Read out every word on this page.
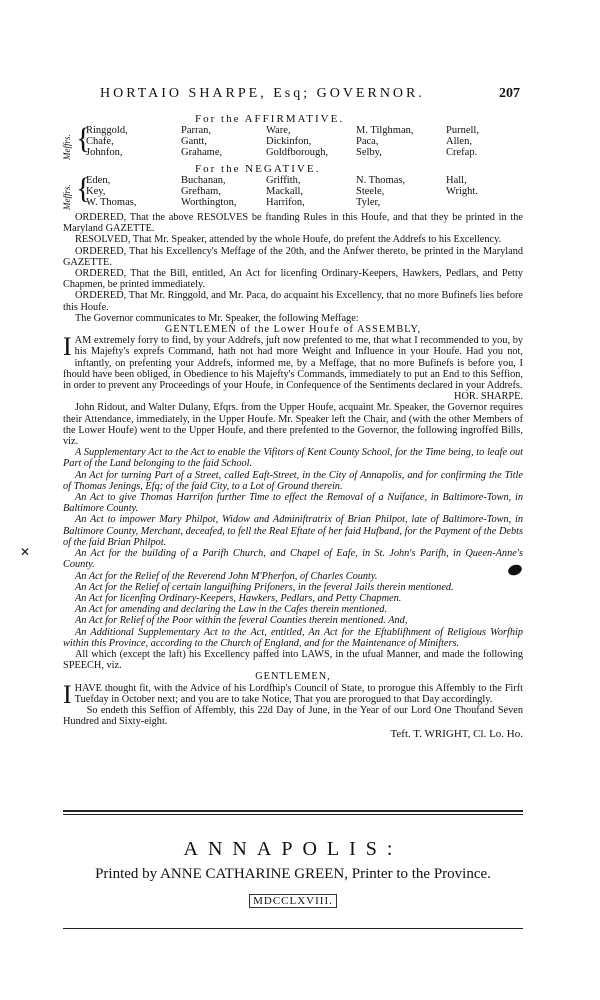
HORTAIO SHARPE, Esq; GOVERNOR.	207
For the AFFIRMATIVE.
Meffrs. {
Ringgold,	Parran,	Ware,	M. Tilghman,	Purnell,
Chafe,	Gantt,	Dickinfon,	Paca,	Allen,
Johnfon,	Grahame,	Goldfborough,	Selby,	Crefap.
For the NEGATIVE.
Meffrs. {
Eden,	Buchanan,	Griffith,	N. Thomas,	Hall,
Key,	Grefham,	Mackall,	Steele,	Wright.
W. Thomas,	Worthington,	Harrifon,	Tyler,

ORDERED, That the above RESOLVES be ftanding Rules in this Houfe, and that they be printed in the Maryland GAZETTE.

RESOLVED, That Mr. Speaker, attended by the whole Houfe, do prefent the Addrefs to his Excellency.

ORDERED, That his Excellency's Meffage of the 20th, and the Anfwer thereto, be printed in the Maryland GAZETTE.

ORDERED, That the Bill, entitled, An Act for licenfing Ordinary-Keepers, Hawkers, Pedlars, and Petty Chapmen, be printed immediately.

ORDERED, That Mr. Ringgold, and Mr. Paca, do acquaint his Excellency, that no more Bufinefs lies before this Houfe.

The Governor communicates to Mr. Speaker, the following Meffage:

GENTLEMEN of the Lower Houfe of ASSEMBLY,

IAM extremely forry to find, by your Addrefs, juft now prefented to me, that what I recommended to you, by his Majefty's exprefs Command, hath not had more Weight and Influence in your Houfe. Had you not, inftantly, on prefenting your Addrefs, informed me, by a Meffage, that no more Bufinefs is before you, I fhould have been obliged, in Obedience to his Majefty's Commands, immediately to put an End to this Seffion, in order to prevent any Proceedings of your Houfe, in Confequence of the Sentiments declared in your Addrefs.

HOR. SHARPE.

John Ridout, and Walter Dulany, Efqrs. from the Upper Houfe, acquaint Mr. Speaker, the Governor requires their Attendance, immediately, in the Upper Houfe. Mr. Speaker left the Chair, and (with the other Members of the Lower Houfe) went to the Upper Houfe, and there prefented to the Governor, the following ingroffed Bills, viz.

A Supplementary Act to the Act to enable the Vifitors of Kent County School, for the Time being, to leafe out Part of the Land belonging to the faid School.

An Act for turning Part of a Street, called Eaft-Street, in the City of Annapolis, and for confirming the Title of Thomas Jenings, Efq; of the faid City, to a Lot of Ground therein.

An Act to give Thomas Harrifon further Time to effect the Removal of a Nuifance, in Baltimore-Town, in Baltimore County.

An Act to impower Mary Philpot, Widow and Adminiftratrix of Brian Philpot, late of Baltimore-Town, in Baltimore County, Merchant, deceafed, to fell the Real Eftate of her faid Hufband, for the Payment of the Debts of the faid Brian Philpot.

An Act for the building of a Parifh Church, and Chapel of Eafe, in St. John's Parifh, in Queen-Anne's County.

An Act for the Relief of the Reverend John M'Pherfon, of Charles County.

An Act for the Relief of certain languifhing Prifoners, in the feveral Jails therein mentioned.

An Act for licenfing Ordinary-Keepers, Hawkers, Pedlars, and Petty Chapmen.

An Act for amending and declaring the Law in the Cafes therein mentioned.

An Act for Relief of the Poor within the feveral Counties therein mentioned. And,

An Additional Supplementary Act to the Act, entitled, An Act for the Eftablifhment of Religious Worfhip within this Province, according to the Church of England, and for the Maintenance of Minifters.

All which (except the laft) his Excellency paffed into LAWS, in the ufual Manner, and made the following SPEECH, viz.

GENTLEMEN,

IHAVE thought fit, with the Advice of his Lordfhip's Council of State, to prorogue this Affembly to the Firft Tuefday in October next; and you are to take Notice, That you are prorogued to that Day accordingly.

So endeth this Seffion of Affembly, this 22d Day of June, in the Year of our Lord One Thoufand Seven Hundred and Sixty-eight.

Teft. T. WRIGHT, Cl. Lo. Ho.
ANNAPOLIS:
Printed by ANNE CATHARINE GREEN, Printer to the Province.
MDCCLXVIII.
✕
